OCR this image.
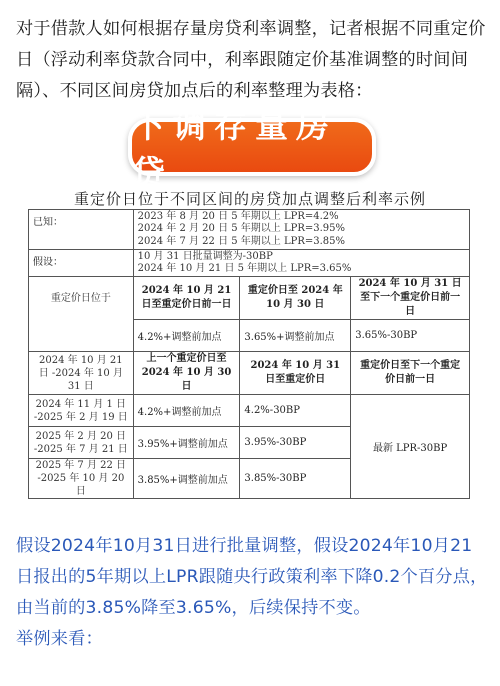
对于借款人如何根据存量房贷利率调整，记者根据不同重定价日（浮动利率贷款合同中，利率跟随定价基准调整的时间间隔）、不同区间房贷加点后的利率整理为表格：
下调存量房贷
重定价日位于不同区间的房贷加点调整后利率示例
已知：	2023 年 8 月 20 日 5 年期以上 LPR=4.2%
2024 年 2 月 20 日 5 年期以上 LPR=3.95%
2024 年 7 月 22 日 5 年期以上 LPR=3.85%		

假设：	10 月 31 日批量调整为-30BP
2024 年 10 月 21 日 5 年期以上 LPR=3.65%		

重定价日位于	2024 年 10 月 21 日至重定价日前一日	重定价日至 2024 年 10 月 30 日	2024 年 10 月 31 日至下一个重定价日前一日
	4.2%+调整前加点	3.65%+调整前加点	3.65%-30BP
2024 年 10 月 21 日 -2024 年 10 月 31 日	上一个重定价日至 2024 年 10 月 30 日	2024 年 10 月 31 日至重定价日	重定价日至下一个重定价日前一日
2024 年 11 月 1 日 -2025 年 2 月 19 日	4.2%+调整前加点	4.2%-30BP	最新 LPR-30BP
2025 年 2 月 20 日 -2025 年 7 月 21 日	3.95%+调整前加点	3.95%-30BP	
2025 年 7 月 22 日 -2025 年 10 月 20 日	3.85%+调整前加点	3.85%-30BP	
假设2024年10月31日进行批量调整，假设2024年10月21日报出的5年期以上LPR跟随央行政策利率下降0.2个百分点，由当前的3.85%降至3.65%，后续保持不变。
举例来看：
